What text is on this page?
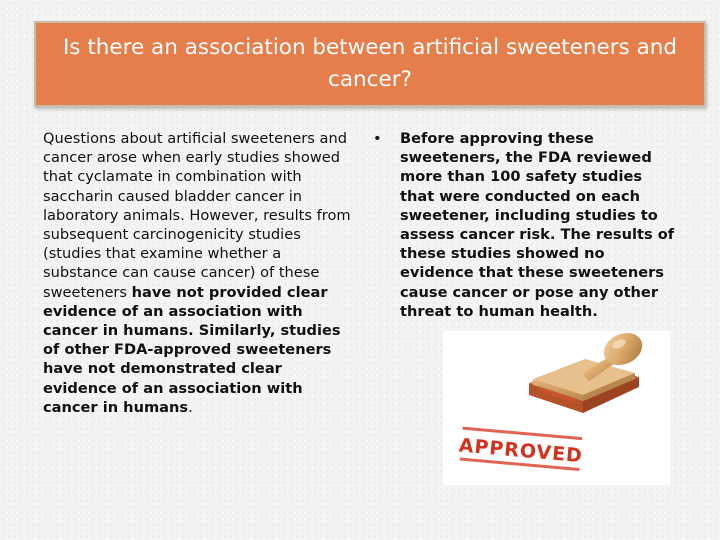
Is there an association between artificial sweeteners and cancer?
Questions about artificial sweeteners and cancer arose when early studies showed that cyclamate in combination with saccharin caused bladder cancer in laboratory animals. However, results from subsequent carcinogenicity studies (studies that examine whether a substance can cause cancer) of these sweeteners have not provided clear evidence of an association with cancer in humans. Similarly, studies of other FDA-approved sweeteners have not demonstrated clear evidence of an association with cancer in humans.
• Before approving these sweeteners, the FDA reviewed more than 100 safety studies that were conducted on each sweetener, including studies to assess cancer risk. The results of these studies showed no evidence that these sweeteners cause cancer or pose any other threat to human health.
APPROVED
